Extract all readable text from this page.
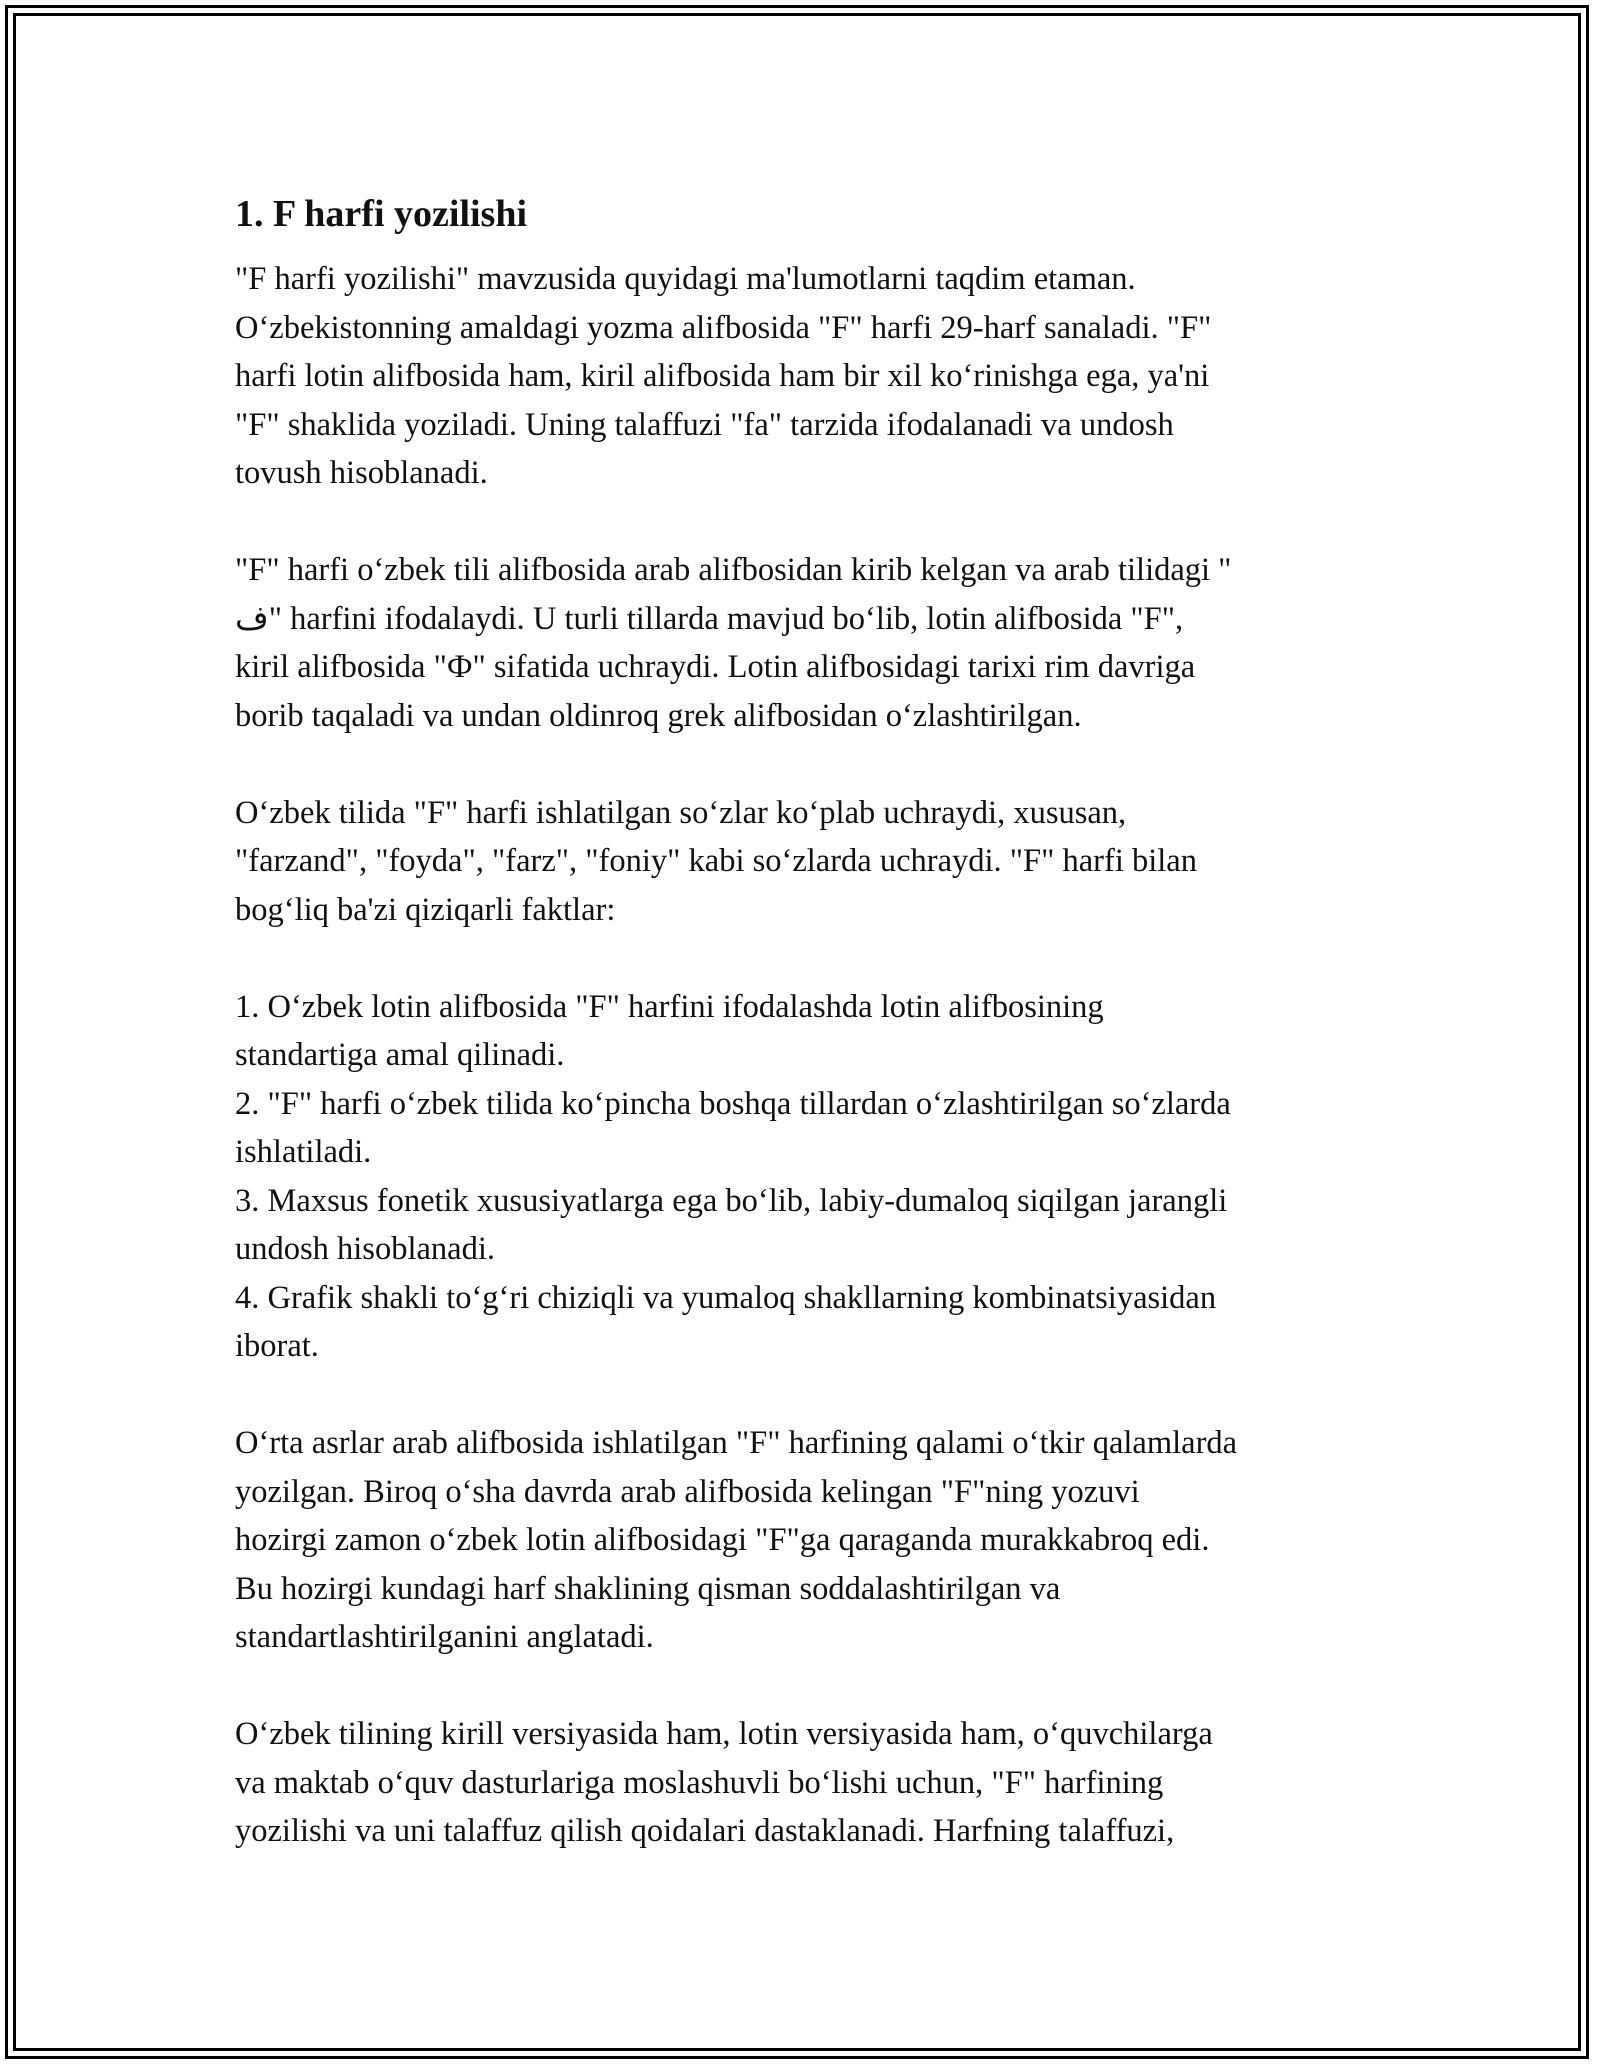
1. F harfi yozilishi

"F harfi yozilishi" mavzusida quyidagi ma'lumotlarni taqdim etaman.
Oʻzbekistonning amaldagi yozma alifbosida "F" harfi 29-harf sanaladi. "F"
harfi lotin alifbosida ham, kiril alifbosida ham bir xil koʻrinishga ega, ya'ni
"F" shaklida yoziladi. Uning talaffuzi "fa" tarzida ifodalanadi va undosh
tovush hisoblanadi.

"F" harfi oʻzbek tili alifbosida arab alifbosidan kirib kelgan va arab tilidagi "
ف" harfini ifodalaydi. U turli tillarda mavjud boʻlib, lotin alifbosida "F",
kiril alifbosida "Ф" sifatida uchraydi. Lotin alifbosidagi tarixi rim davriga
borib taqaladi va undan oldinroq grek alifbosidan oʻzlashtirilgan.

Oʻzbek tilida "F" harfi ishlatilgan soʻzlar koʻplab uchraydi, xususan,
"farzand", "foyda", "farz", "foniy" kabi soʻzlarda uchraydi. "F" harfi bilan
bogʻliq ba'zi qiziqarli faktlar:

1. Oʻzbek lotin alifbosida "F" harfini ifodalashda lotin alifbosining
standartiga amal qilinadi.
2. "F" harfi oʻzbek tilida koʻpincha boshqa tillardan oʻzlashtirilgan soʻzlarda
ishlatiladi.
3. Maxsus fonetik xususiyatlarga ega boʻlib, labiy-dumaloq siqilgan jarangli
undosh hisoblanadi.
4. Grafik shakli toʻgʻri chiziqli va yumaloq shakllarning kombinatsiyasidan
iborat.

Oʻrta asrlar arab alifbosida ishlatilgan "F" harfining qalami oʻtkir qalamlarda
yozilgan. Biroq oʻsha davrda arab alifbosida kelingan "F"ning yozuvi
hozirgi zamon oʻzbek lotin alifbosidagi "F"ga qaraganda murakkabroq edi.
Bu hozirgi kundagi harf shaklining qisman soddalashtirilgan va
standartlashtirilganini anglatadi.

Oʻzbek tilining kirill versiyasida ham, lotin versiyasida ham, oʻquvchilarga
va maktab oʻquv dasturlariga moslashuvli boʻlishi uchun, "F" harfining
yozilishi va uni talaffuz qilish qoidalari dastaklanadi. Harfning talaffuzi,
